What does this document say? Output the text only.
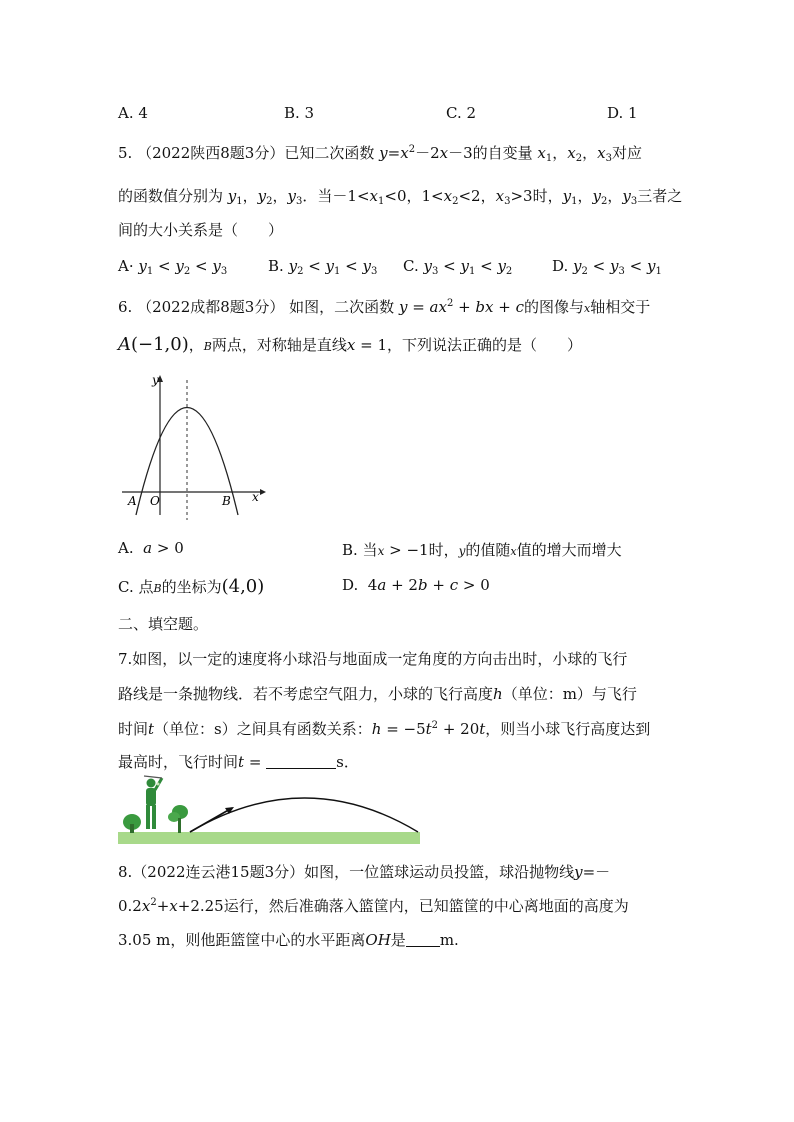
A. 4	B. 3	C. 2	D. 1
5. （2022陕西8题3分）已知二次函数 $y=x^2-2x-3$的自变量 $x_1$，$x_2$，$x_3$对应
的函数值分别为 $y_1$，$y_2$，$y_3$．当$-1<x_1<0$，$1<x_2<2$，$x_3>3$时，$y_1$，$y_2$，$y_3$三者之
间的大小关系是（　　）
$A\cdot y_1 < y_2 < y_3$	B. $y_2 < y_1 < y_3$ C. $y_3 < y_1 < y_2$	D. $y_2 < y_3 < y_1$
6. （2022成都8题3分） 如图，二次函数 $y = ax^2$ + bx + c的图像与x轴相交于
A(−1,0)，B两点，对称轴是直线x = 1，下列说法正确的是（　　）
y
x
A O	B
A. a > 0	B. 当x > −1时，y的值随x值的增大而增大
C. 点B的坐标为(4,0)	D.  4a + 2b + c > 0
二、填空题。
7.如图，以一定的速度将小球沿与地面成一定角度的方向击出时，小球的飞行
路线是一条抛物线．若不考虑空气阻力，小球的飞行高度h（单位：m）与飞行
时间t（单位：s）之间具有函数关系：$h = -5t^2 + 20t$，则当小球飞行高度达到
最高时，飞行时间t =	s．
8.（2022连云港15题3分）如图，一位篮球运动员投篮，球沿抛物线y=－
$0.2x^2+x+2.25$运行，然后准确落入篮筐内，已知篮筐的中心离地面的高度为
3.05 m，则他距篮筐中心的水平距离OH是 m.
